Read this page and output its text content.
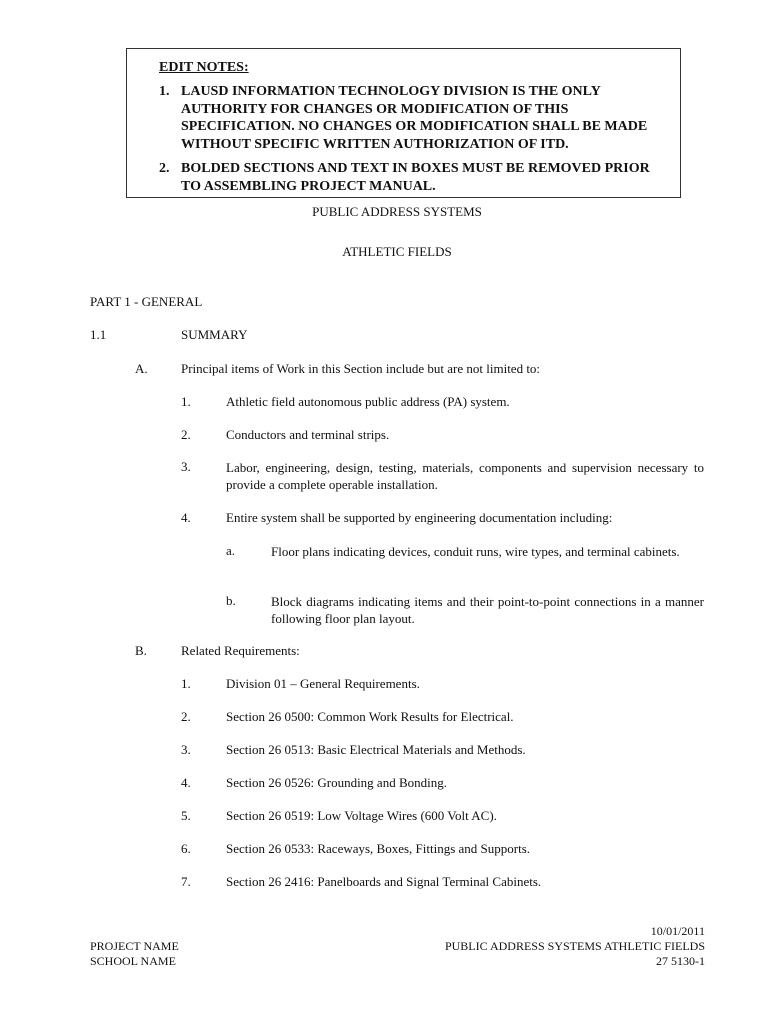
EDIT NOTES:
1. LAUSD INFORMATION TECHNOLOGY DIVISION IS THE ONLY AUTHORITY FOR CHANGES OR MODIFICATION OF THIS SPECIFICATION. NO CHANGES OR MODIFICATION SHALL BE MADE WITHOUT SPECIFIC WRITTEN AUTHORIZATION OF ITD.
2. BOLDED SECTIONS AND TEXT IN BOXES MUST BE REMOVED PRIOR TO ASSEMBLING PROJECT MANUAL.
PUBLIC ADDRESS SYSTEMS
ATHLETIC FIELDS
PART 1 - GENERAL
1.1	SUMMARY
A.	Principal items of Work in this Section include but are not limited to:
1.	Athletic field autonomous public address (PA) system.
2.	Conductors and terminal strips.
3.	Labor, engineering, design, testing, materials, components and supervision necessary to provide a complete operable installation.
4.	Entire system shall be supported by engineering documentation including:
a.	Floor plans indicating devices, conduit runs, wire types, and terminal cabinets.
b.	Block diagrams indicating items and their point-to-point connections in a manner following floor plan layout.
B.	Related Requirements:
1.	Division 01 – General Requirements.
2.	Section 26 0500: Common Work Results for Electrical.
3.	Section 26 0513: Basic Electrical Materials and Methods.
4.	Section 26 0526: Grounding and Bonding.
5.	Section 26 0519: Low Voltage Wires (600 Volt AC).
6.	Section 26 0533: Raceways, Boxes, Fittings and Supports.
7.	Section 26 2416: Panelboards and Signal Terminal Cabinets.
10/01/2011
PROJECT NAME	PUBLIC ADDRESS SYSTEMS ATHLETIC FIELDS
SCHOOL NAME	27 5130-1
